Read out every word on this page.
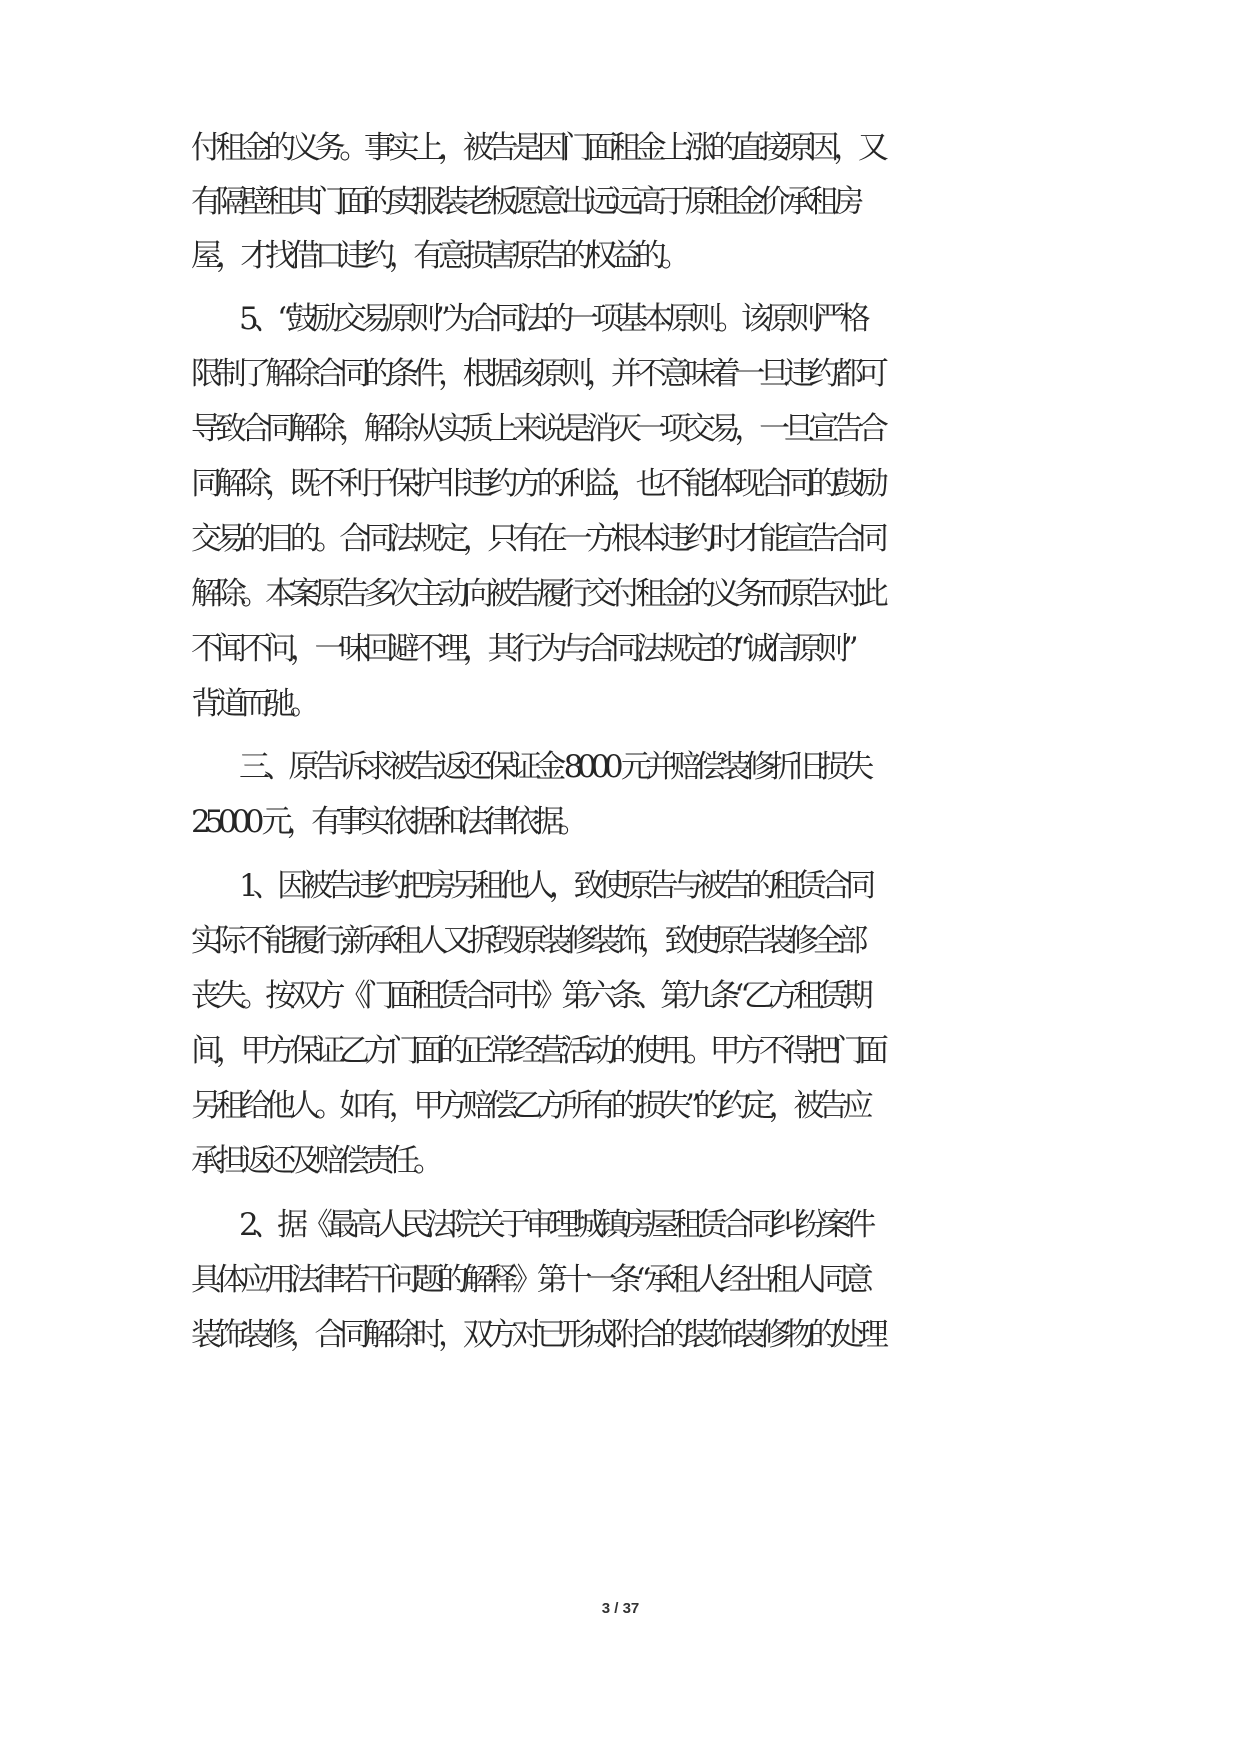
付租金的义务。事实上，被告是因门面租金上涨的直接原因，又
有隔壁租其门面的卖服装老板愿意出远远高于原租金价承租房
屋，才找借口违约，有意损害原告的权益的。
5、“鼓励交易原则”为合同法的一项基本原则。该原则严格
限制了解除合同的条件，根据该原则，并不意味着一旦违约都可
导致合同解除，解除从实质上来说是消灭一项交易，一旦宣告合
同解除，既不利于保护非违约方的利益，也不能体现合同的鼓励
交易的目的。合同法规定，只有在一方根本违约时才能宣告合同
解除。本案原告多次主动向被告履行交付租金的义务而原告对此
不闻不问，一味回避不理，其行为与合同法规定的“诚信原则”
背道而驰。
三、原告诉求被告返还保证金 8000 元并赔偿装修折旧损失
25000 元，有事实依据和法律依据。
1、因被告违约把房另租他人，致使原告与被告的租赁合同
实际不能履行;新承租人又拆毁原装修装饰，致使原告装修全部
丧失。按双方《门面租赁合同书》第六条、第九条“乙方租赁期
间，甲方保证乙方门面的正常经营活动的使用。甲方不得把门面
另租给他人。如有，甲方赔偿乙方所有的损失”的约定，被告应
承担返还及赔偿责任。
2、据《最高人民法院关于审理城镇房屋租赁合同纠纷案件
具体应用法律若干问题的解释》第十一条“承租人经出租人同意
装饰装修，合同解除时，双方对已形成附合的装饰装修物的处理
3 / 37
